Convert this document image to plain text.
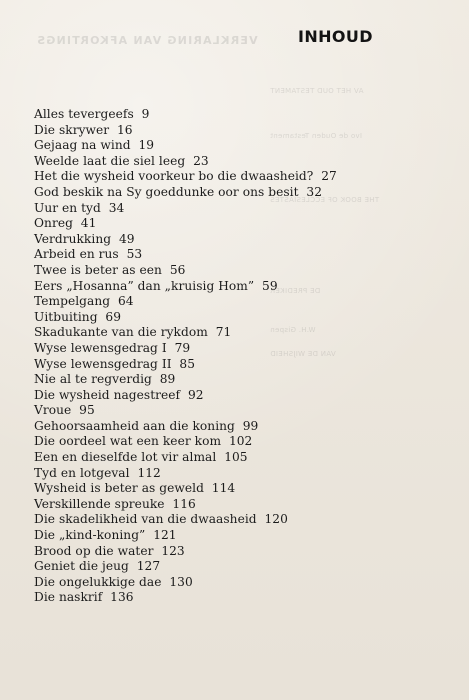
VERKLARING VAN AFKORTINGS
AV HET OUD TESTAMENT
Ivo de Ouden Testament
THE BOOK OF ECCLESIASTES
DE PREDIKER
W.H. Gispen
VAN DE WIJSHEID
INHOUD
Alles tevergeefs 9
Die skrywer 16
Gejaag na wind 19
Weelde laat die siel leeg 23
Het die wysheid voorkeur bo die dwaasheid? 27
God beskik na Sy goeddunke oor ons besit 32
Uur en tyd 34
Onreg 41
Verdrukking 49
Arbeid en rus 53
Twee is beter as een 56
Eers „Hosanna” dan „kruisig Hom” 59
Tempelgang 64
Uitbuiting 69
Skadukante van die rykdom 71
Wyse lewensgedrag I 79
Wyse lewensgedrag II 85
Nie al te regverdig 89
Die wysheid nagestreef 92
Vroue 95
Gehoorsaamheid aan die koning 99
Die oordeel wat een keer kom 102
Een en dieselfde lot vir almal 105
Tyd en lotgeval 112
Wysheid is beter as geweld 114
Verskillende spreuke 116
Die skadelikheid van die dwaasheid 120
Die „kind-koning” 121
Brood op die water 123
Geniet die jeug 127
Die ongelukkige dae 130
Die naskrif 136
